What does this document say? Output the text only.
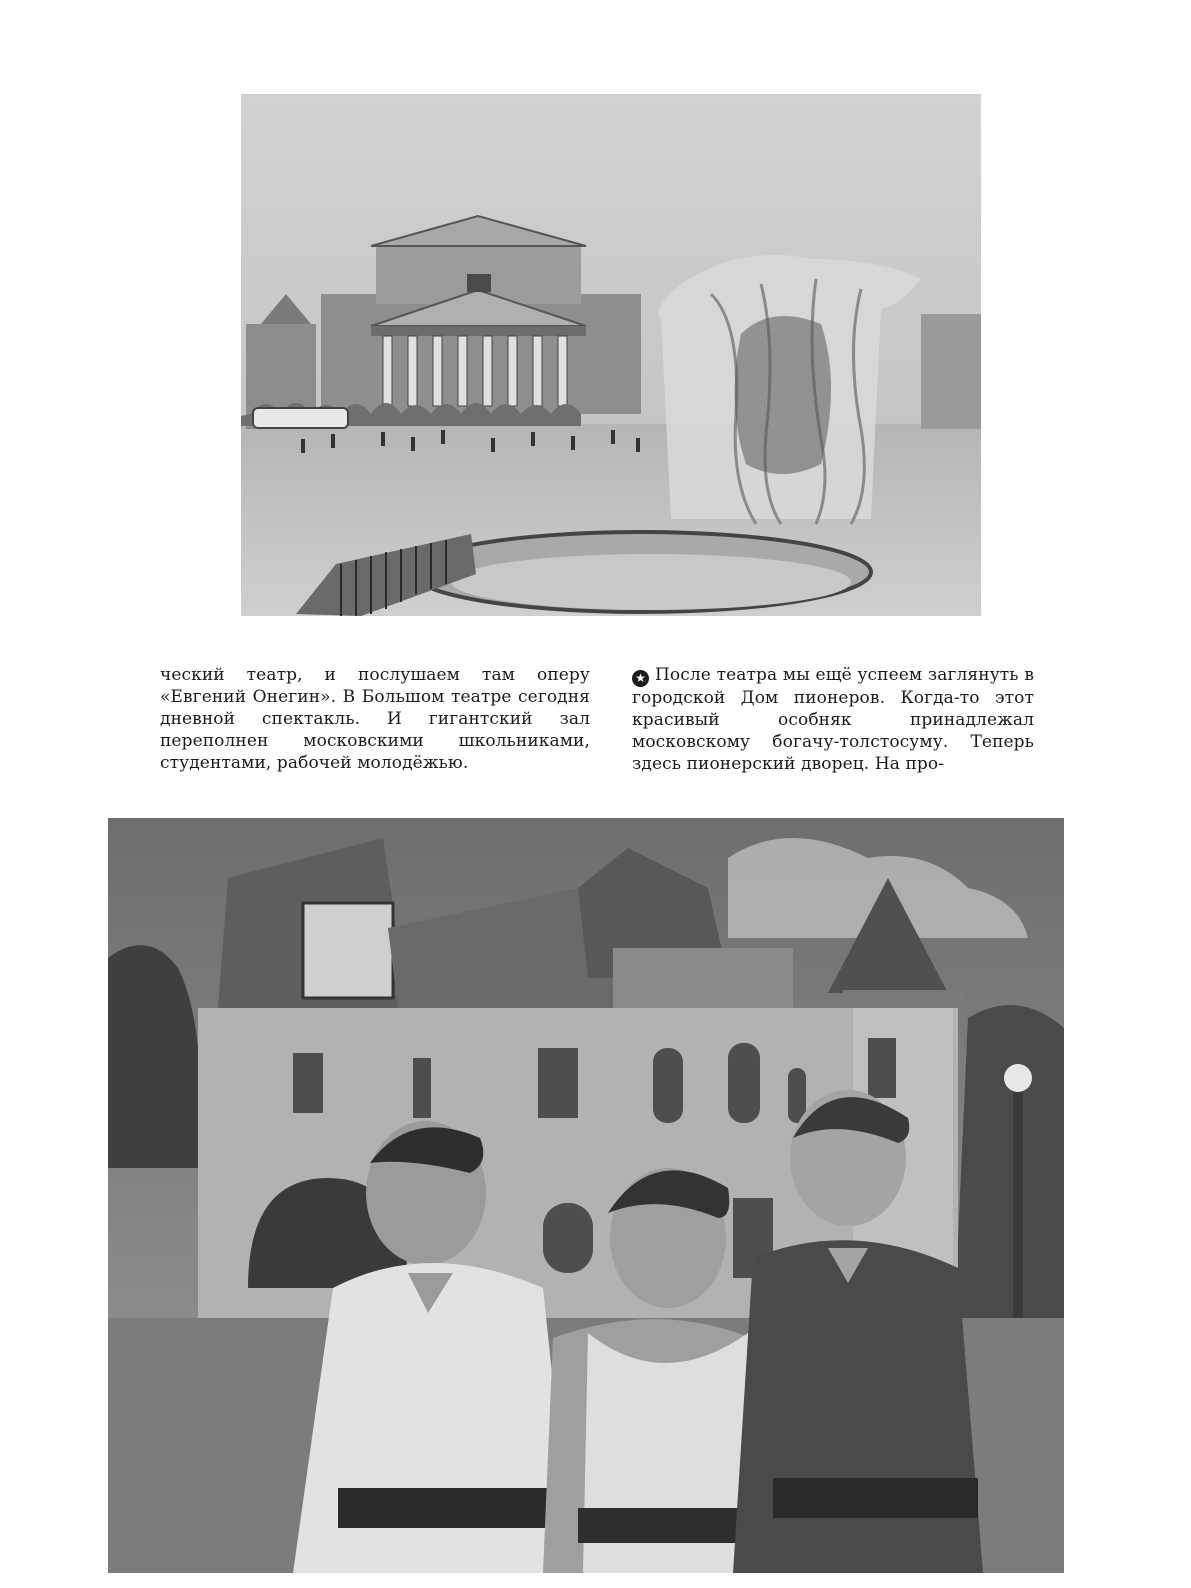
ческий театр, и послушаем там оперу «Евгений Онегин». В Большом театре сегодня дневной спектакль. И гигантский зал переполнен московскими школьниками, студентами, рабочей молодёжью.

★ После театра мы ещё успеем заглянуть в городской Дом пионеров. Когда-то этот красивый особняк принадлежал московскому богачу-толстосуму. Теперь здесь пионерский дворец. На про-
